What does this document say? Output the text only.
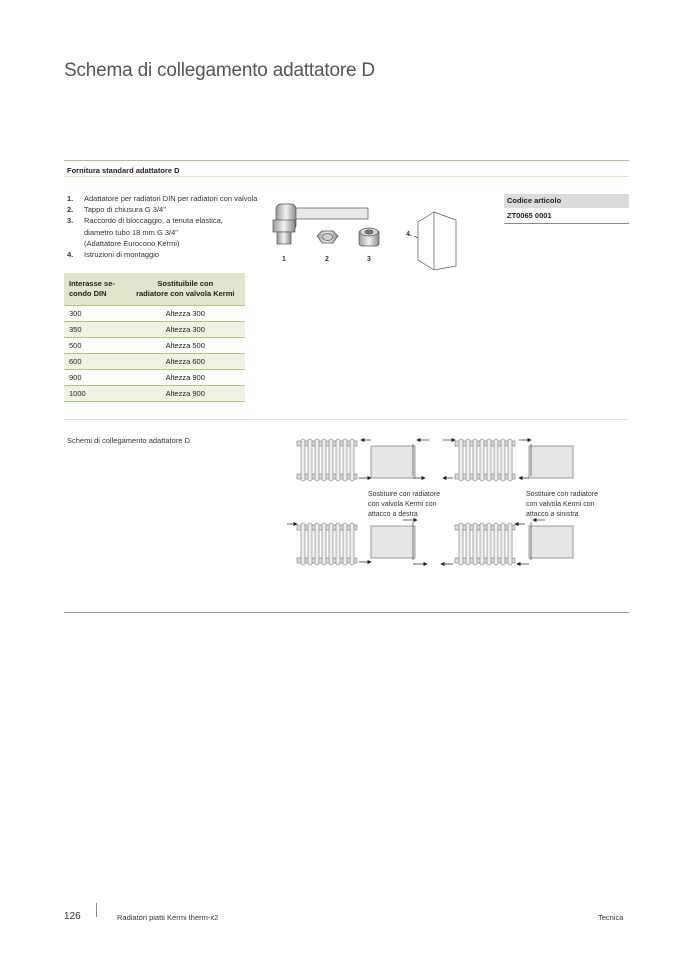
Schema di collegamento adattatore D
Fornitura standard adattatore D
1.	Adattatore per radiatori DIN per radiatori con valvola
2.	Tappo di chiusura G 3/4"
3.	Raccordo di bloccaggio, a tenuta elastica,
diametro tubo 18 mm G 3/4"
(Adattatore Eurocono Kermi)
4.	Istruzioni di montaggio
1	2	3
4.
Codice articolo
ZT0065 0001
Interasse se-
condo DIN	Sostituibile con
radiatore con valvola Kermi
300	Altezza 300
350	Altezza 300
500	Altezza 500
600	Altezza 600
900	Altezza 900
1000	Altezza 900
Schemi di collegamento adattatore D
Sostituire con radiatore
con valvola Kermi con
attacco a destra
Sostituire con radiatore
con valvola Kermi con
attacco a sinistra
126	Radiatori piatti Kermi therm-x2	Tecnica
